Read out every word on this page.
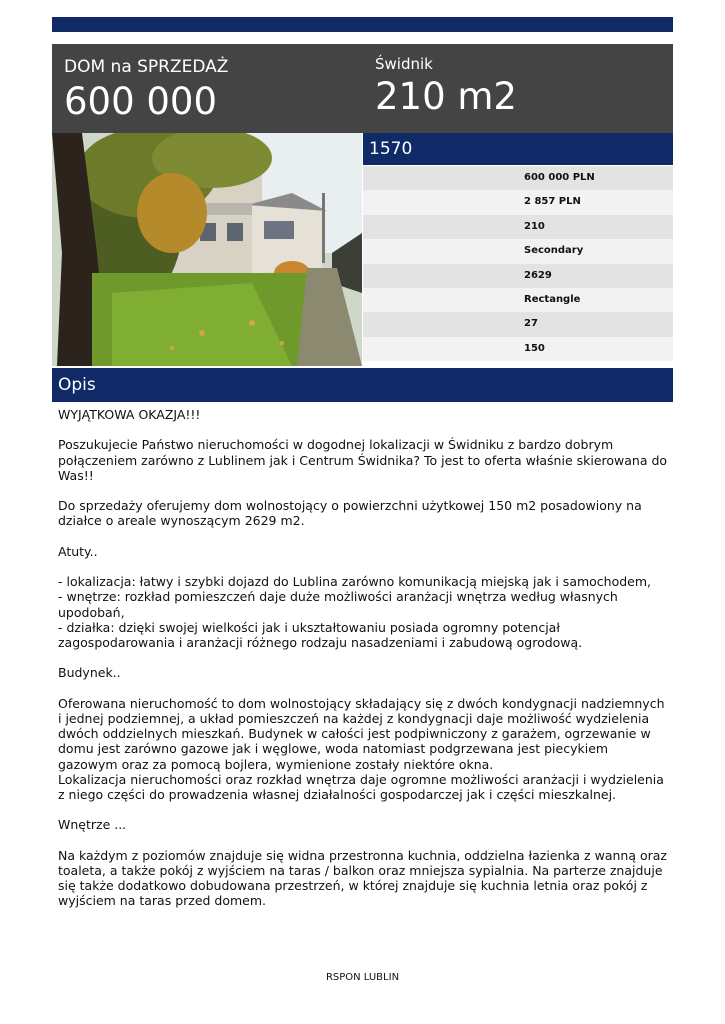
DOM na SPRZEDAŻ
600 000
Świdnik
210 m2
1570
600 000 PLN
2 857 PLN
210
Secondary
2629
Rectangle
27
150
Opis

WYJĄTKOWA OKAZJA!!!

Poszukujecie Państwo nieruchomości w dogodnej lokalizacji w Świdniku z bardzo dobrym połączeniem zarówno z Lublinem jak i Centrum Świdnika? To jest to oferta właśnie skierowana do Was!!

Do sprzedaży oferujemy dom wolnostojący o powierzchni użytkowej 150 m2 posadowiony na działce o areale wynoszącym 2629 m2.

Atuty..

- lokalizacja: łatwy i szybki dojazd do Lublina zarówno komunikacją miejską jak i samochodem,
- wnętrze: rozkład pomieszczeń daje duże możliwości aranżacji wnętrza według własnych upodobań,
- działka: dzięki swojej wielkości jak i ukształtowaniu posiada ogromny potencjał zagospodarowania i aranżacji różnego rodzaju nasadzeniami i zabudową ogrodową.

Budynek..

Oferowana nieruchomość to dom wolnostojący składający się z dwóch kondygnacji nadziemnych i jednej podziemnej, a układ pomieszczeń na każdej z kondygnacji daje możliwość wydzielenia dwóch oddzielnych mieszkań. Budynek w całości jest podpiwniczony z garażem, ogrzewanie w domu jest zarówno gazowe jak i węglowe, woda natomiast podgrzewana jest piecykiem gazowym oraz za pomocą bojlera, wymienione zostały niektóre okna.
Lokalizacja nieruchomości oraz rozkład wnętrza daje ogromne możliwości aranżacji i wydzielenia z niego części do prowadzenia własnej działalności gospodarczej jak i części mieszkalnej.

Wnętrze ...

Na każdym z poziomów znajduje się widna przestronna kuchnia, oddzielna łazienka z wanną oraz toaleta, a także pokój z wyjściem na taras / balkon oraz mniejsza sypialnia. Na parterze znajduje się także dodatkowo dobudowana przestrzeń, w której znajduje się kuchnia letnia oraz pokój z wyjściem na taras przed domem.

RSPON LUBLIN
